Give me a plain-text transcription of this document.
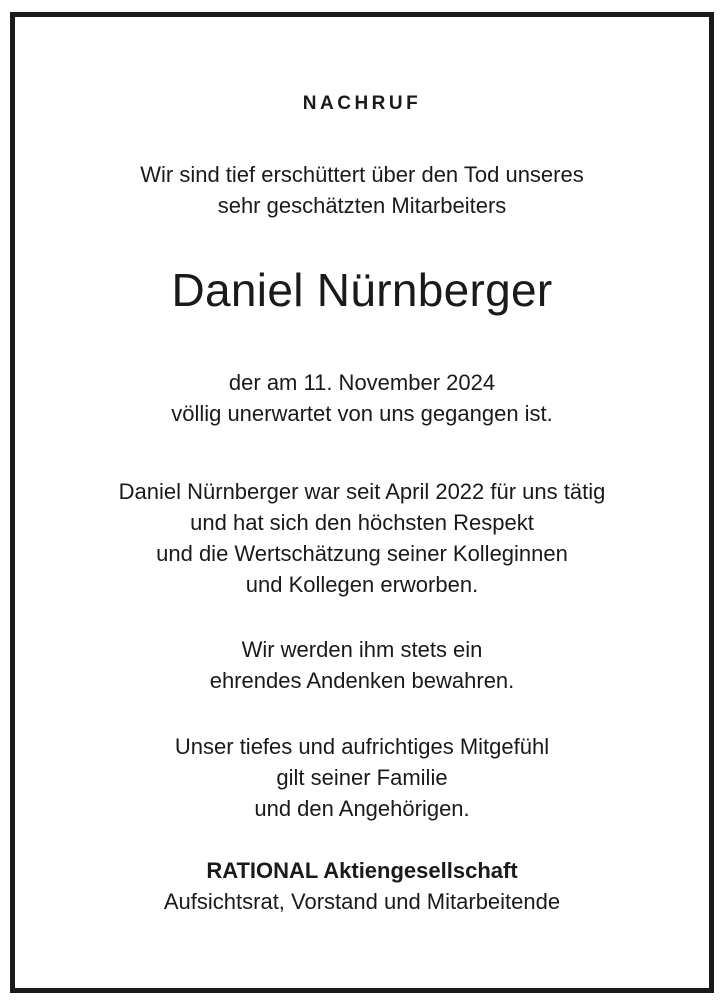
NACHRUF
Wir sind tief erschüttert über den Tod unseres
sehr geschätzten Mitarbeiters
Daniel Nürnberger
der am 11. November 2024
völlig unerwartet von uns gegangen ist.
Daniel Nürnberger war seit April 2022 für uns tätig
und hat sich den höchsten Respekt
und die Wertschätzung seiner Kolleginnen
und Kollegen erworben.
Wir werden ihm stets ein
ehrendes Andenken bewahren.
Unser tiefes und aufrichtiges Mitgefühl
gilt seiner Familie
und den Angehörigen.
RATIONAL Aktiengesellschaft
Aufsichtsrat, Vorstand und Mitarbeitende
